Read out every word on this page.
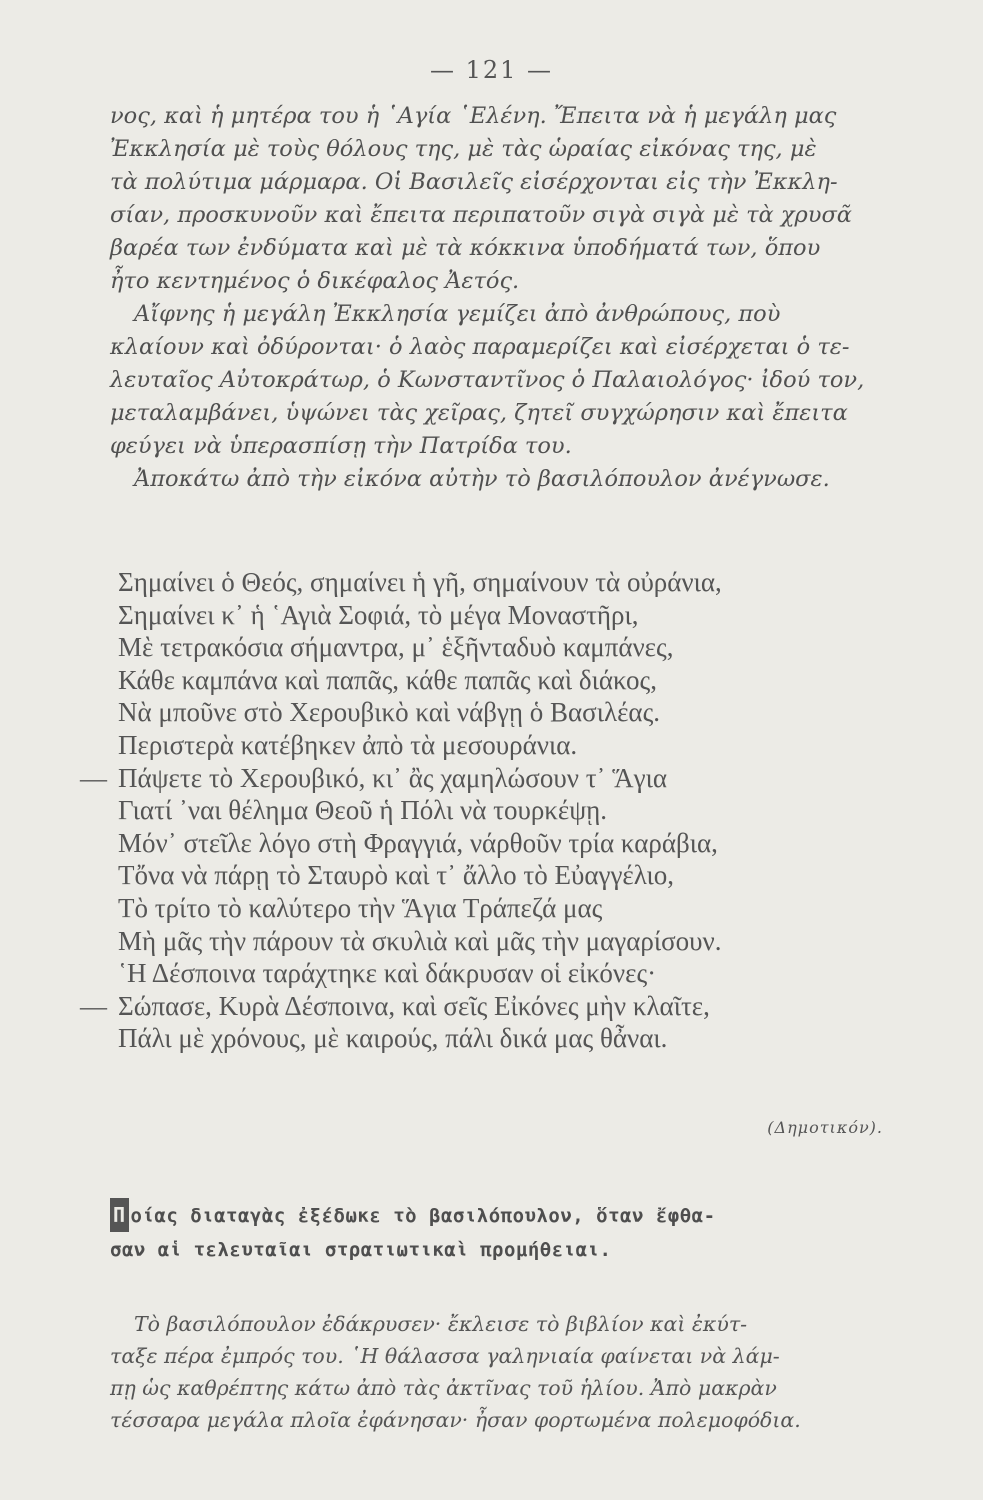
— 121 —
νος, καὶ ἡ μητέρα του ἡ ῾Αγία ῾Ελένη. Ἔπειτα νὰ ἡ μεγάλη μας
Ἐκκλησία μὲ τοὺς θόλους της, μὲ τὰς ὡραίας εἰκόνας της, μὲ
τὰ πολύτιμα μάρμαρα. Οἱ Βασιλεῖς εἰσέρχονται εἰς τὴν Ἐκκλη-
σίαν, προσκυνοῦν καὶ ἔπειτα περιπατοῦν σιγὰ σιγὰ μὲ τὰ χρυσᾶ
βαρέα των ἐνδύματα καὶ μὲ τὰ κόκκινα ὑποδήματά των, ὅπου
ἦτο κεντημένος ὁ δικέφαλος Ἀετός.
Αἴφνης ἡ μεγάλη Ἐκκλησία γεμίζει ἀπὸ ἀνθρώπους, ποὺ
κλαίουν καὶ ὀδύρονται· ὁ λαὸς παραμερίζει καὶ εἰσέρχεται ὁ τε-
λευταῖος Αὐτοκράτωρ, ὁ Κωνσταντῖνος ὁ Παλαιολόγος· ἰδού τον,
μεταλαμβάνει, ὑψώνει τὰς χεῖρας, ζητεῖ συγχώρησιν καὶ ἔπειτα
φεύγει νὰ ὑπερασπίσῃ τὴν Πατρίδα του.
Ἀποκάτω ἀπὸ τὴν εἰκόνα αὐτὴν τὸ βασιλόπουλον ἀνέγνωσε.
Σημαίνει ὁ Θεός, σημαίνει ἡ γῆ, σημαίνουν τὰ οὐράνια,
Σημαίνει κ᾿ ἡ ῾Αγιὰ Σοφιά, τὸ μέγα Μοναστῆρι,
Μὲ τετρακόσια σήμαντρα, μ᾿ ἑξῆνταδυὸ καμπάνες,
Κάθε καμπάνα καὶ παπᾶς, κάθε παπᾶς καὶ διάκος,
Νὰ μποῦνε στὸ Χερουβικὸ καὶ νάβγῃ ὁ Βασιλέας.
Περιστερὰ κατέβηκεν ἀπὸ τὰ μεσουράνια.
— Πάψετε τὸ Χερουβικό, κι᾿ ἂς χαμηλώσουν τ᾿ Ἅγια
Γιατί ᾿ναι θέλημα Θεοῦ ἡ Πόλι νὰ τουρκέψῃ.
Μόν᾿ στεῖλε λόγο στὴ Φραγγιά, νάρθοῦν τρία καράβια,
Τὄνα νὰ πάρῃ τὸ Σταυρὸ καὶ τ᾿ ἄλλο τὸ Εὐαγγέλιο,
Τὸ τρίτο τὸ καλύτερο τὴν Ἅγια Τράπεζά μας
Μὴ μᾶς τὴν πάρουν τὰ σκυλιὰ καὶ μᾶς τὴν μαγαρίσουν.
῾Η Δέσποινα ταράχτηκε καὶ δάκρυσαν οἱ εἰκόνες·
— Σώπασε, Κυρὰ Δέσποινα, καὶ σεῖς Εἰκόνες μὴν κλαῖτε,
Πάλι μὲ χρόνους, μὲ καιρούς, πάλι δικά μας θἆναι.
(Δημοτικόν).
Π οίας διαταγὰς ἐξέδωκε τὸ βασιλόπουλον, ὅταν ἔφθα-
σαν αἱ τελευταῖαι στρατιωτικαὶ προμήθειαι.
Τὸ βασιλόπουλον ἐδάκρυσεν· ἔκλεισε τὸ βιβλίον καὶ ἐκύτ-
ταξε πέρα ἐμπρός του. ῾Η θάλασσα γαληνιαία φαίνεται νὰ λάμ-
πῃ ὡς καθρέπτης κάτω ἀπὸ τὰς ἀκτῖνας τοῦ ἡλίου. Ἀπὸ μακρὰν
τέσσαρα μεγάλα πλοῖα ἐφάνησαν· ἦσαν φορτωμένα πολεμοφόδια.
